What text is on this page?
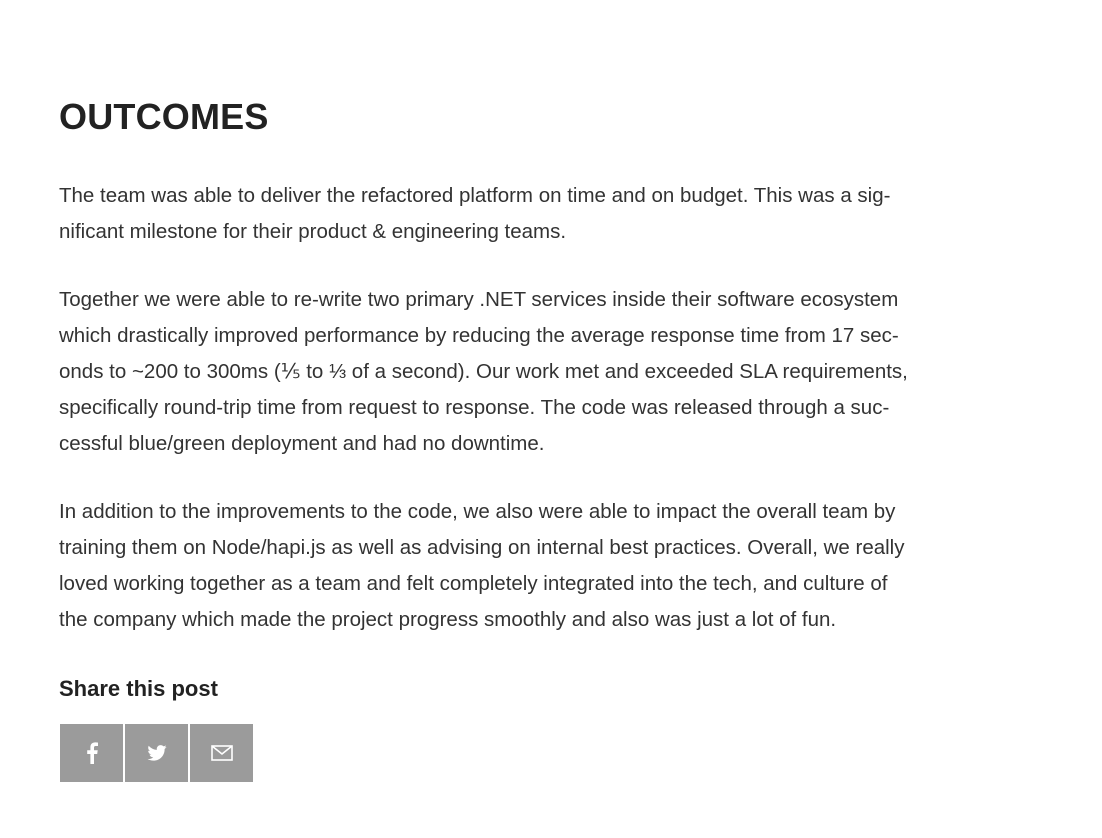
OUTCOMES

The team was able to deliver the refactored platform on time and on budget. This was a sig-
nificant milestone for their product & engineering teams.

Together we were able to re-write two primary .NET services inside their software ecosystem
which drastically improved performance by reducing the average response time from 17 sec-
onds to ~200 to 300ms (⅕ to ⅓ of a second). Our work met and exceeded SLA requirements,
specifically round-trip time from request to response. The code was released through a suc-
cessful blue/green deployment and had no downtime.

In addition to the improvements to the code, we also were able to impact the overall team by
training them on Node/hapi.js as well as advising on internal best practices. Overall, we really
loved working together as a team and felt completely integrated into the tech, and culture of
the company which made the project progress smoothly and also was just a lot of fun.

Share this post
